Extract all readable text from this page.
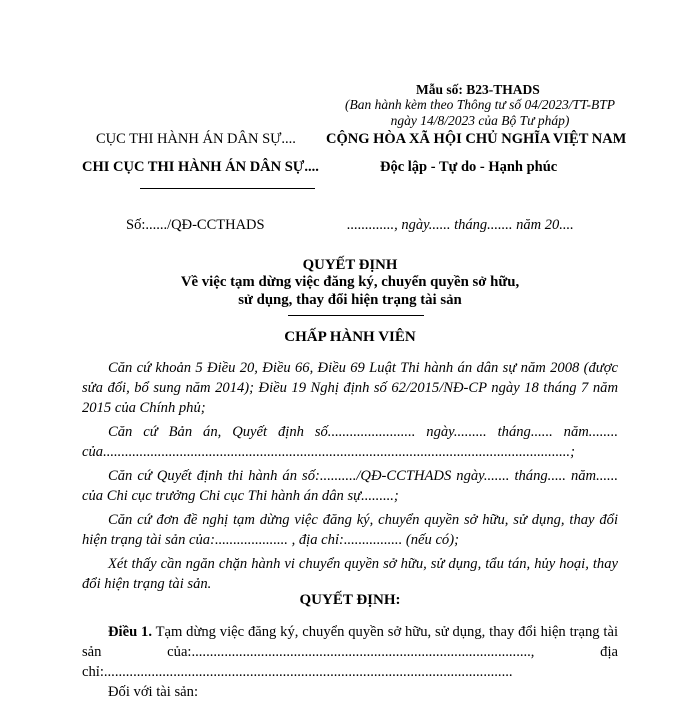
Mẫu số: B23-THADS
(Ban hành kèm theo Thông tư số 04/2023/TT-BTP
ngày 14/8/2023 của Bộ Tư pháp)
CỤC THI HÀNH ÁN DÂN SỰ....
CHI CỤC THI HÀNH ÁN DÂN SỰ....
CỘNG HÒA XÃ HỘI CHỦ NGHĨA VIỆT NAM
Độc lập - Tự do - Hạnh phúc
Số:....../QĐ-CCTHADS	............., ngày...... tháng....... năm 20....
QUYẾT ĐỊNH
Về việc tạm dừng việc đăng ký, chuyển quyền sở hữu,
sử dụng, thay đổi hiện trạng tài sản
CHẤP HÀNH VIÊN

Căn cứ khoản 5 Điều 20, Điều 66, Điều 69 Luật Thi hành án dân sự năm 2008 (được sửa đổi, bổ sung năm 2014); Điều 19 Nghị định số 62/2015/NĐ-CP ngày 18 tháng 7 năm 2015 của Chính phủ;

Căn cứ Bản án, Quyết định số........................ ngày......... tháng...... năm........ của................................................................................................................................;

Căn cứ Quyết định thi hành án số:........../QĐ-CCTHADS ngày....... tháng..... năm...... của Chi cục trưởng Chi cục Thi hành án dân sự.........;

Căn cứ đơn đề nghị tạm dừng việc đăng ký, chuyển quyền sở hữu, sử dụng, thay đổi hiện trạng tài sản của:.................... , địa chỉ:................ (nếu có);

Xét thấy cần ngăn chặn hành vi chuyển quyền sở hữu, sử dụng, tẩu tán, hủy hoại, thay đổi hiện trạng tài sản.

QUYẾT ĐỊNH:

Điều 1. Tạm dừng việc đăng ký, chuyển quyền sở hữu, sử dụng, thay đổi hiện trạng tài sản của:............................................................................................., địa chỉ:................................................................................................................

Đối với tài sản:
